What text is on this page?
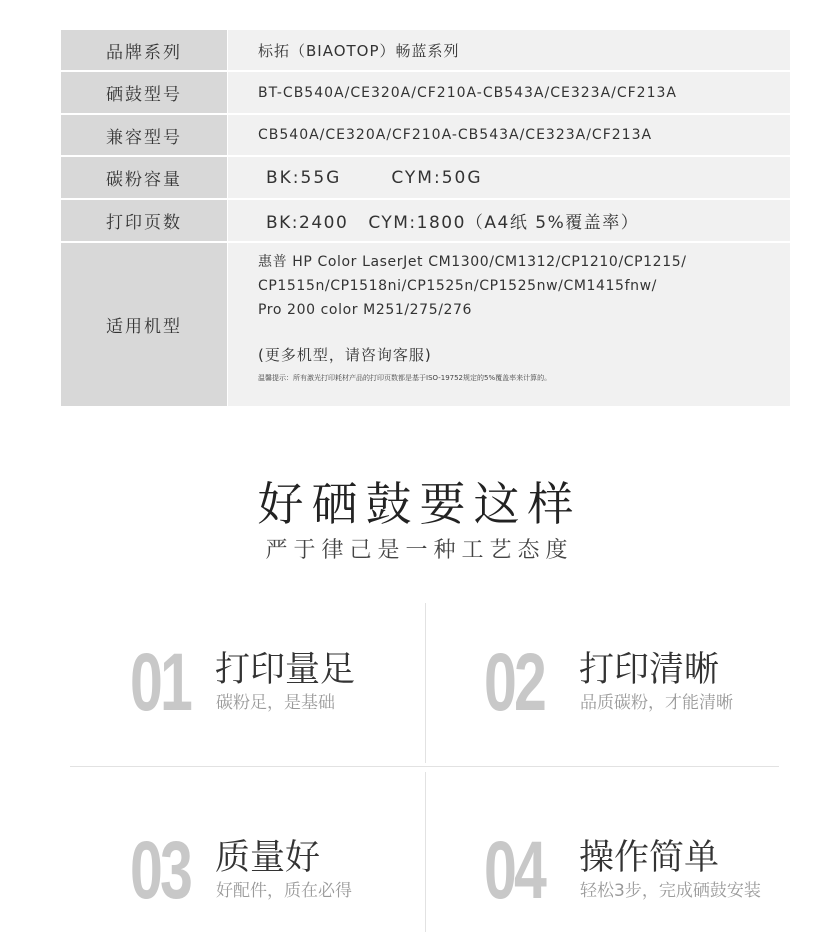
品牌系列	标拓（BIAOTOP）畅蓝系列
硒鼓型号	BT-CB540A/CE320A/CF210A-CB543A/CE323A/CF213A
兼容型号	CB540A/CE320A/CF210A-CB543A/CE323A/CF213A
碳粉容量	BK:55G CYM:50G
打印页数	BK:2400 CYM:1800（A4纸 5%覆盖率）
适用机型	惠普 HP Color LaserJet CM1300/CM1312/CP1210/CP1215/
CP1515n/CP1518ni/CP1525n/CP1525nw/CM1415fnw/
Pro 200 color M251/275/276
(更多机型，请咨询客服)
温馨提示：所有激光打印耗材产品的打印页数都是基于ISO-19752规定的5%覆盖率来计算的。
好硒鼓要这样
严于律己是一种工艺态度
01 打印量足
碳粉足，是基础 02 打印清晰
品质碳粉，才能清晰
03 质量好
好配件，质在必得 04 操作简单
轻松3步，完成硒鼓安装
